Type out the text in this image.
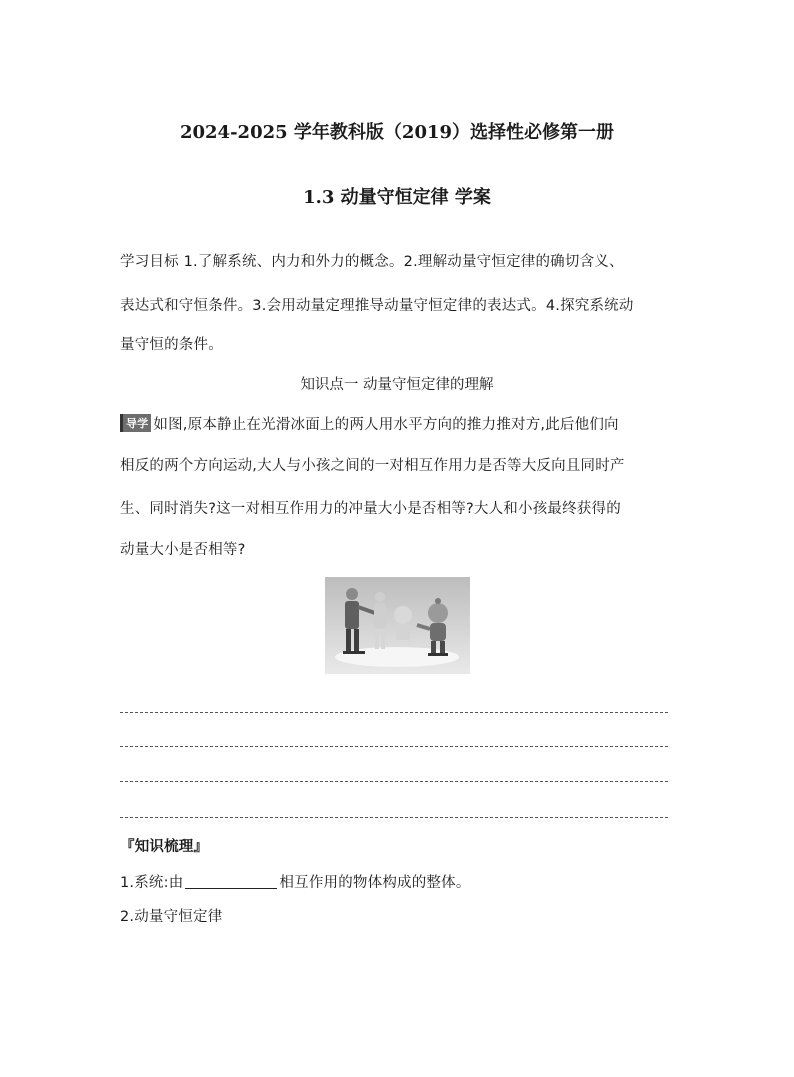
2024-2025 学年教科版（2019）选择性必修第一册
1.3 动量守恒定律 学案
学习目标 1.了解系统、内力和外力的概念。2.理解动量守恒定律的确切含义、
表达式和守恒条件。3.会用动量定理推导动量守恒定律的表达式。4.探究系统动
量守恒的条件。
知识点一 动量守恒定律的理解
导学 如图,原本静止在光滑冰面上的两人用水平方向的推力推对方,此后他们向
相反的两个方向运动,大人与小孩之间的一对相互作用力是否等大反向且同时产
生、同时消失?这一对相互作用力的冲量大小是否相等?大人和小孩最终获得的
动量大小是否相等?
『知识梳理』
1.系统:由	相互作用的物体构成的整体。
2.动量守恒定律
